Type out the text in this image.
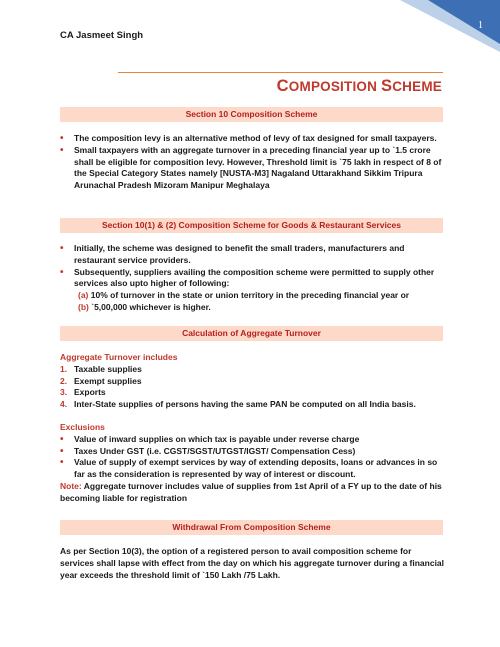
1
CA Jasmeet Singh
COMPOSITION SCHEME
Section 10 Composition Scheme
• The composition levy is an alternative method of levy of tax designed for small taxpayers.
• Small taxpayers with an aggregate turnover in a preceding financial year up to `1.5 crore shall be eligible for composition levy. However, Threshold limit is `75 lakh in respect of 8 of the Special Category States namely [NUSTA-M3] Nagaland Uttarakhand Sikkim Tripura Arunachal Pradesh Mizoram Manipur Meghalaya
Section 10(1) & (2) Composition Scheme for Goods & Restaurant Services
• Initially, the scheme was designed to benefit the small traders, manufacturers and restaurant service providers.
• Subsequently, suppliers availing the composition scheme were permitted to supply other services also upto higher of following:
(a) 10% of turnover in the state or union territory in the preceding financial year or
(b) `5,00,000 whichever is higher.
Calculation of Aggregate Turnover
Aggregate Turnover includes
1. Taxable supplies
2. Exempt supplies
3. Exports
4. Inter-State supplies of persons having the same PAN be computed on all India basis.
Exclusions
• Value of inward supplies on which tax is payable under reverse charge
• Taxes Under GST (i.e. CGST/SGST/UTGST/IGST/ Compensation Cess)
• Value of supply of exempt services by way of extending deposits, loans or advances in so far as the consideration is represented by way of interest or discount.
Note: Aggregate turnover includes value of supplies from 1st April of a FY up to the date of his becoming liable for registration
Withdrawal From Composition Scheme
As per Section 10(3), the option of a registered person to avail composition scheme for services shall lapse with effect from the day on which his aggregate turnover during a financial year exceeds the threshold limit of `150 Lakh /75 Lakh.
